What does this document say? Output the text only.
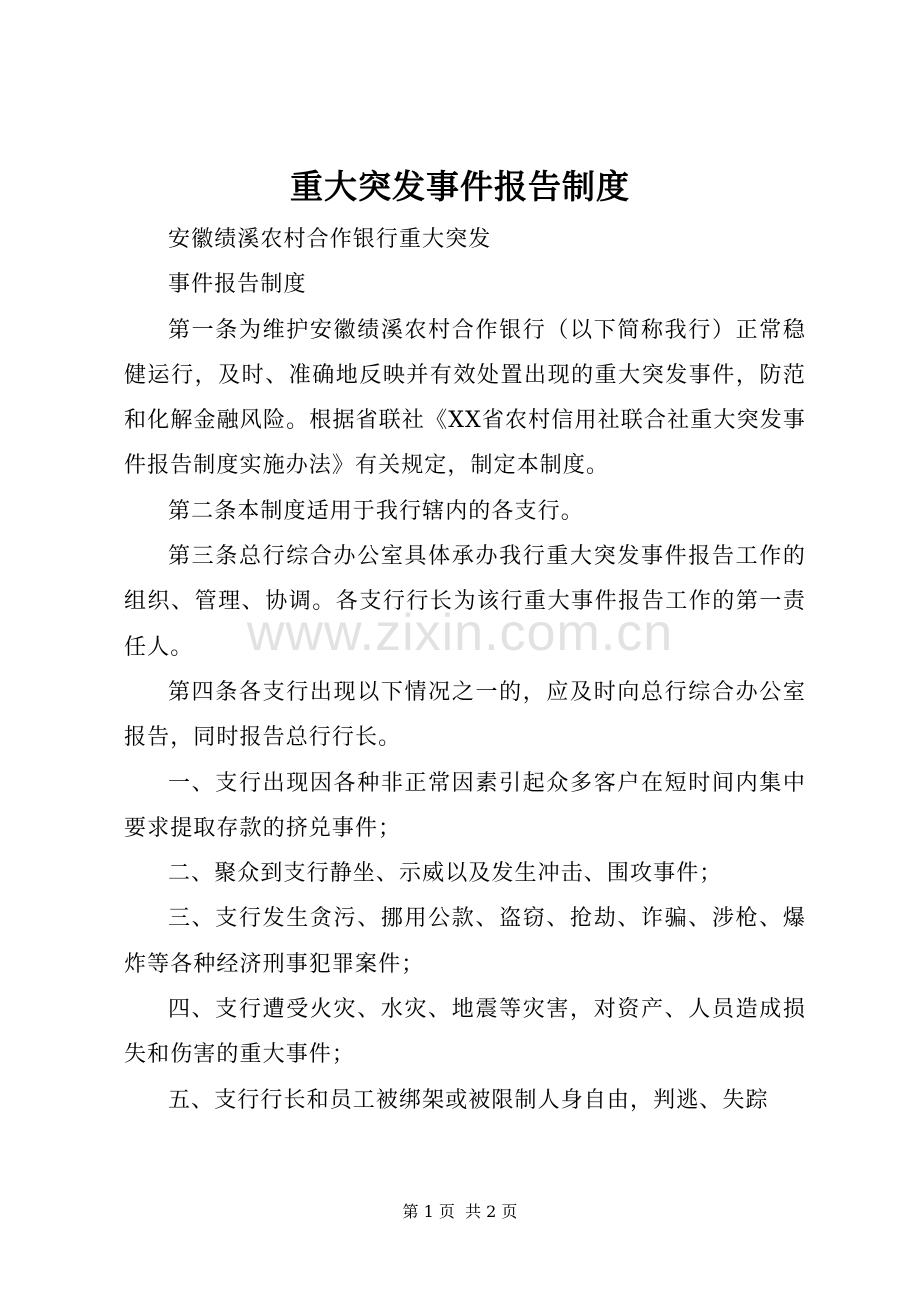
重大突发事件报告制度

安徽绩溪农村合作银行重大突发

事件报告制度

第一条为维护安徽绩溪农村合作银行（以下简称我行）正常稳健运行，及时、准确地反映并有效处置出现的重大突发事件，防范和化解金融风险。根据省联社《XX省农村信用社联合社重大突发事件报告制度实施办法》有关规定，制定本制度。

第二条本制度适用于我行辖内的各支行。

第三条总行综合办公室具体承办我行重大突发事件报告工作的组织、管理、协调。各支行行长为该行重大事件报告工作的第一责任人。

第四条各支行出现以下情况之一的，应及时向总行综合办公室报告，同时报告总行行长。

一、支行出现因各种非正常因素引起众多客户在短时间内集中要求提取存款的挤兑事件；

二、聚众到支行静坐、示威以及发生冲击、围攻事件；

三、支行发生贪污、挪用公款、盗窃、抢劫、诈骗、涉枪、爆炸等各种经济刑事犯罪案件；

四、支行遭受火灾、水灾、地震等灾害，对资产、人员造成损失和伤害的重大事件；

五、支行行长和员工被绑架或被限制人身自由，判逃、失踪

www.zixin.com.cn
第 1 页  共 2 页
